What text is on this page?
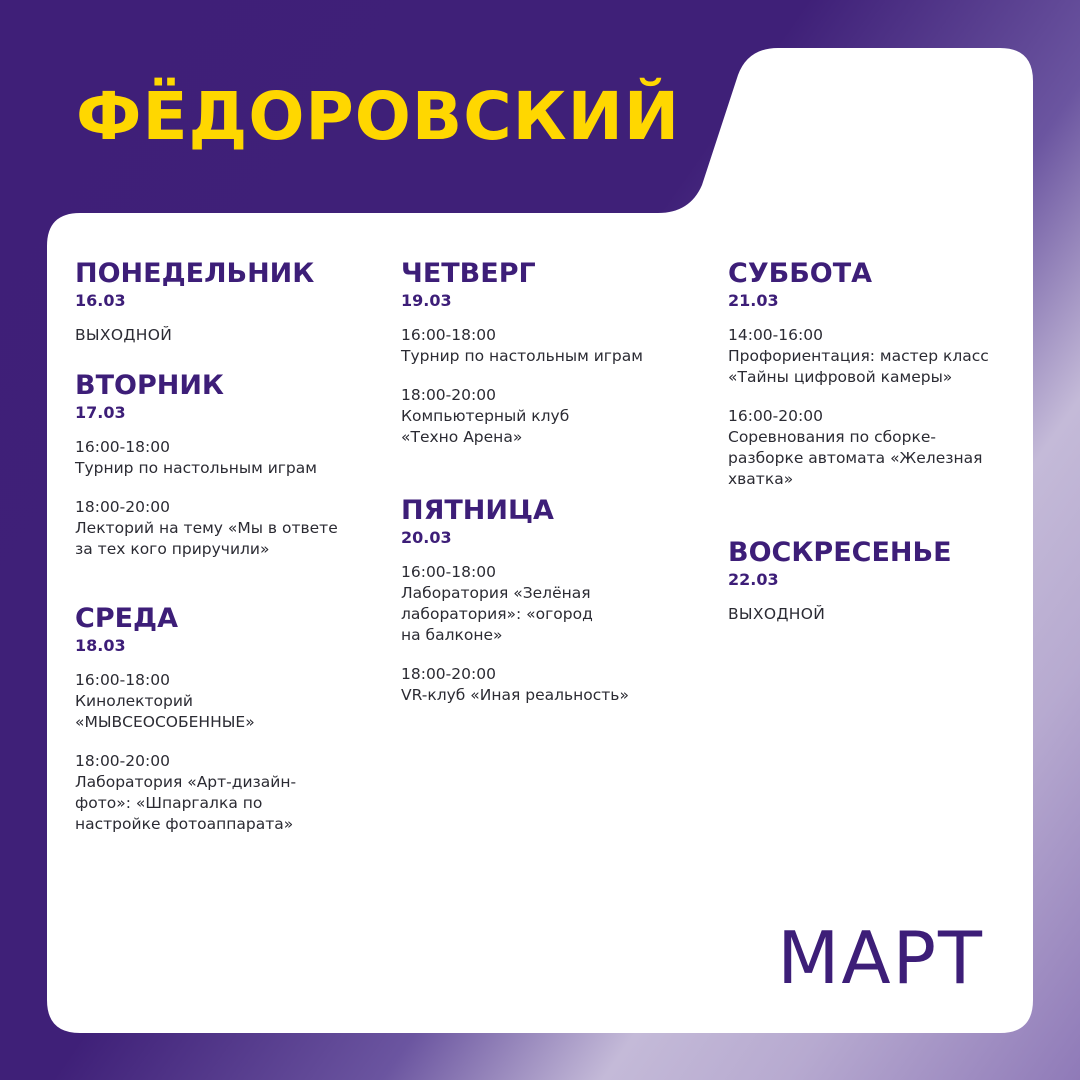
ФЁДОРОВСКИЙ
ПОНЕДЕЛЬНИК
16.03
ВЫХОДНОЙ
ВТОРНИК
17.03
16:00-18:00
Турнир по настольным играм
18:00-20:00
Лекторий на тему «Мы в ответе
за тех кого приручили»
СРЕДА
18.03
16:00-18:00
Кинолекторий
«МЫВСЕОСОБЕННЫЕ»
18:00-20:00
Лаборатория «Арт-дизайн-
фото»: «Шпаргалка по
настройке фотоаппарата»
ЧЕТВЕРГ
19.03
16:00-18:00
Турнир по настольным играм
18:00-20:00
Компьютерный клуб
«Техно Арена»
ПЯТНИЦА
20.03
16:00-18:00
Лаборатория «Зелёная
лаборатория»: «огород
на балконе»
18:00-20:00
VR-клуб «Иная реальность»
СУББОТА
21.03
14:00-16:00
Профориентация: мастер класс
«Тайны цифровой камеры»
16:00-20:00
Соревнования по сборке-
разборке автомата «Железная
хватка»
ВОСКРЕСЕНЬЕ
22.03
ВЫХОДНОЙ
МАРТ
